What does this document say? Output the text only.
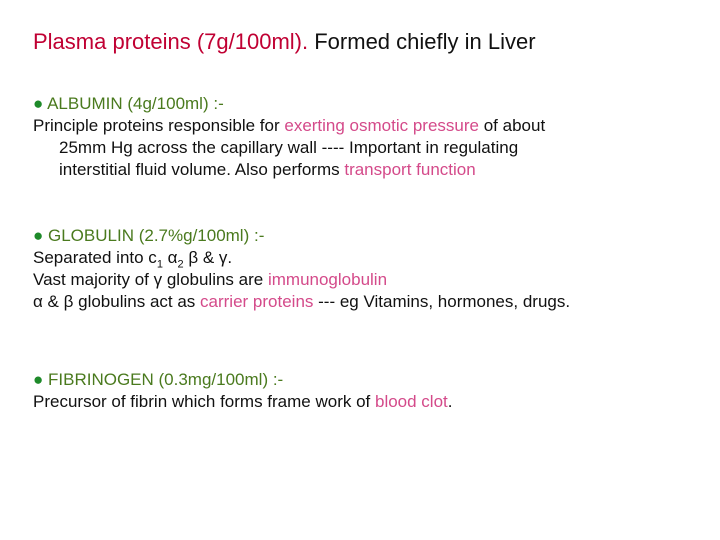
Plasma proteins (7g/100ml). Formed chiefly in Liver

● ALBUMIN (4g/100ml) :-

Principle proteins responsible for exerting osmotic pressure of about

25mm Hg across the capillary wall ---- Important in regulating

interstitial fluid volume. Also performs transport function

● GLOBULIN (2.7%g/100ml) :-

Separated into $c_1$ $\alpha_2$ β & γ.

Vast majority of γ globulins are immunoglobulin

α & β globulins act as carrier proteins --- eg Vitamins, hormones, drugs.

● FIBRINOGEN (0.3mg/100ml) :-

Precursor of fibrin which forms frame work of blood clot.
